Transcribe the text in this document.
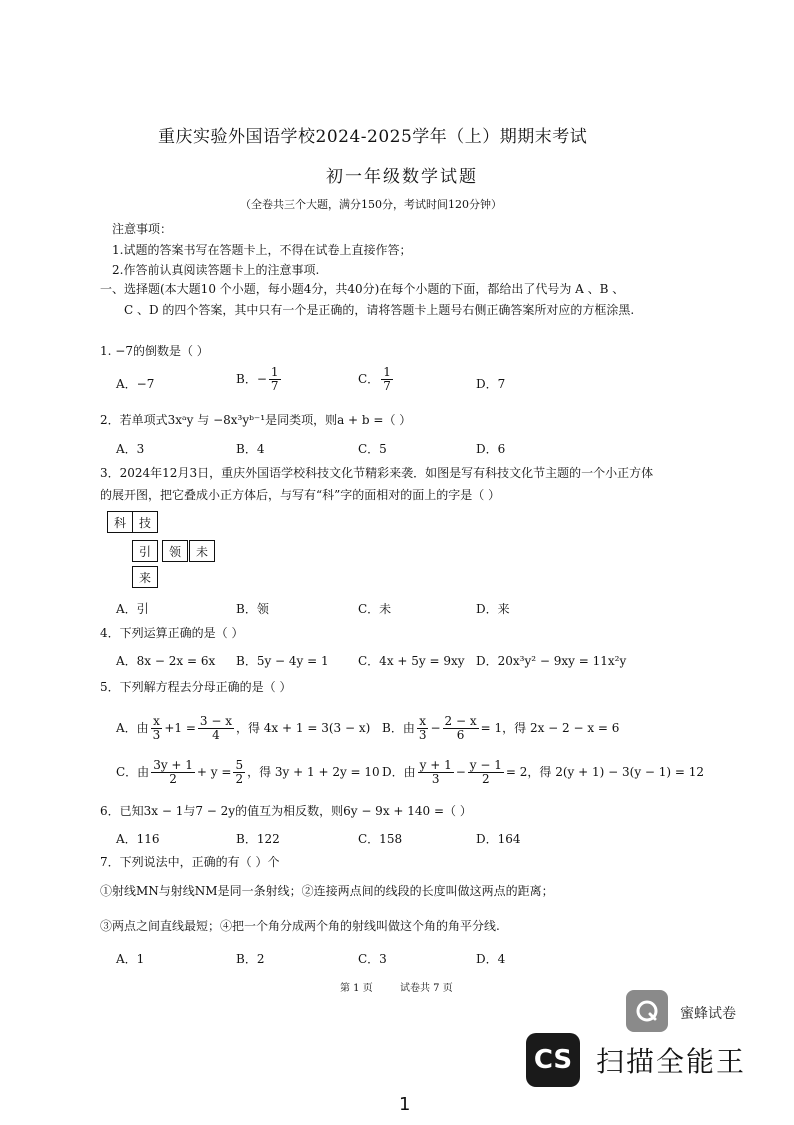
重庆实验外国语学校2024-2025学年（上）期期末考试
初一年级数学试题
（全卷共三个大题，满分150分，考试时间120分钟）
注意事项：
1.试题的答案书写在答题卡上，不得在试卷上直接作答；
2.作答前认真阅读答题卡上的注意事项.
一、选择题(本大题10 个小题，每小题4分，共40分)在每个小题的下面，都给出了代号为 A 、B 、
C 、D 的四个答案，其中只有一个是正确的，请将答题卡上题号右侧正确答案所对应的方框涂黑.
1. −7的倒数是（ ）
A．−7	B．− $\frac{1}{7}$	C． $\frac{1}{7}$	D．7
2．若单项式3xᵃy 与 −8x³yᵇ⁻¹是同类项，则a + b =（ ）
A．3	B．4	C．5	D．6
3．2024年12月3日，重庆外国语学校科技文化节精彩来袭．如图是写有科技文化节主题的一个小正方体
的展开图，把它叠成小正方体后，与写有“科”字的面相对的面上的字是（ ）
科	技
引	领	未
来
A．引	B．领	C．未	D．来
4．下列运算正确的是（ ）
A．8x − 2x = 6x B．5y − 4y = 1 C．4x + 5y = 9xy D．20x³y² − 9xy = 11x²y
5．下列解方程去分母正确的是（ ）
A．由 $\frac{x}{3} +1 = \frac{3 - x}{4}$ ，得 4x + 1 = 3(3 − x) B．由 $\frac{x}{3} - \frac{2 - x}{6} = 1$，得 2x − 2 − x = 6
C．由 $\frac{3y + 1}{2} + y = \frac{5}{2}$ ，得 3y + 1 + 2y = 10 D．由 $\frac{y + 1}{3} - \frac{y - 1}{2} = 2$，得 2(y + 1) − 3(y − 1) = 12
6．已知3x − 1与7 − 2y的值互为相反数，则6y − 9x + 140 =（ ）
A．116	B．122	C．158	D．164
7．下列说法中，正确的有（ ）个
①射线MN与射线NM是同一条射线；②连接两点间的线段的长度叫做这两点的距离；
③两点之间直线最短；④把一个角分成两个角的射线叫做这个角的角平分线.
A．1	B．2	C．3	D．4
第 1 页	试卷共 7 页
蜜蜂试卷
CS 扫描全能王
1
